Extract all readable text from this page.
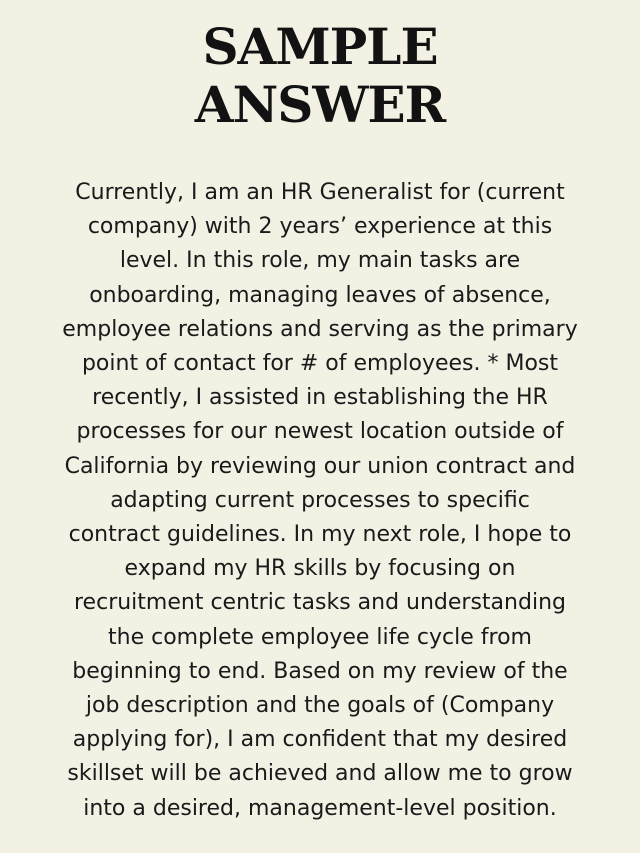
SAMPLE
ANSWER

Currently, I am an HR Generalist for (current
company) with 2 years’ experience at this
level. In this role, my main tasks are
onboarding, managing leaves of absence,
employee relations and serving as the primary
point of contact for # of employees. * Most
recently, I assisted in establishing the HR
processes for our newest location outside of
California by reviewing our union contract and
adapting current processes to specific
contract guidelines. In my next role, I hope to
expand my HR skills by focusing on
recruitment centric tasks and understanding
the complete employee life cycle from
beginning to end. Based on my review of the
job description and the goals of (Company
applying for), I am confident that my desired
skillset will be achieved and allow me to grow
into a desired, management-level position.
